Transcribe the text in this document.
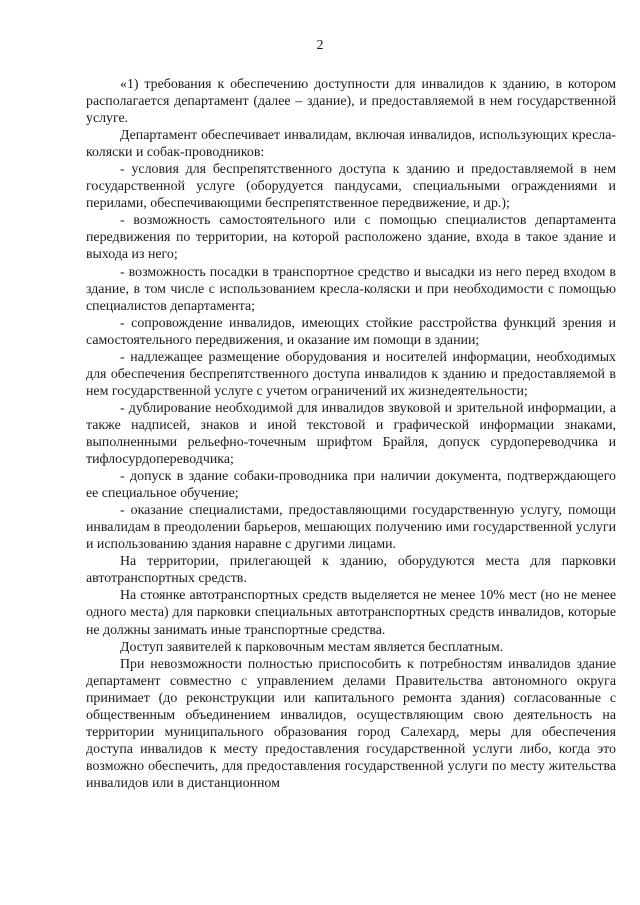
2

«1) требования к обеспечению доступности для инвалидов к зданию, в котором располагается департамент (далее – здание), и предоставляемой в нем государственной услуге.

Департамент обеспечивает инвалидам, включая инвалидов, использующих кресла-коляски и собак-проводников:

- условия для беспрепятственного доступа к зданию и предоставляемой в нем государственной услуге (оборудуется пандусами, специальными ограждениями и перилами, обеспечивающими беспрепятственное передвижение, и др.);

- возможность самостоятельного или с помощью специалистов департамента передвижения по территории, на которой расположено здание, входа в такое здание и выхода из него;

- возможность посадки в транспортное средство и высадки из него перед входом в здание, в том числе с использованием кресла-коляски и при необходимости с помощью специалистов департамента;

- сопровождение инвалидов, имеющих стойкие расстройства функций зрения и самостоятельного передвижения, и оказание им помощи в здании;

- надлежащее размещение оборудования и носителей информации, необходимых для обеспечения беспрепятственного доступа инвалидов к зданию и предоставляемой в нем государственной услуге с учетом ограничений их жизнедеятельности;

- дублирование необходимой для инвалидов звуковой и зрительной информации, а также надписей, знаков и иной текстовой и графической информации знаками, выполненными рельефно-точечным шрифтом Брайля, допуск сурдопереводчика и тифлосурдопереводчика;

- допуск в здание собаки-проводника при наличии документа, подтверждающего ее специальное обучение;

- оказание специалистами, предоставляющими государственную услугу, помощи инвалидам в преодолении барьеров, мешающих получению ими государственной услуги и использованию здания наравне с другими лицами.

На территории, прилегающей к зданию, оборудуются места для парковки автотранспортных средств.

На стоянке автотранспортных средств выделяется не менее 10% мест (но не менее одного места) для парковки специальных автотранспортных средств инвалидов, которые не должны занимать иные транспортные средства.

Доступ заявителей к парковочным местам является бесплатным.

При невозможности полностью приспособить к потребностям инвалидов здание департамент совместно с управлением делами Правительства автономного округа принимает (до реконструкции или капитального ремонта здания) согласованные с общественным объединением инвалидов, осуществляющим свою деятельность на территории муниципального образования город Салехард, меры для обеспечения доступа инвалидов к месту предоставления государственной услуги либо, когда это возможно обеспечить, для предоставления государственной услуги по месту жительства инвалидов или в дистанционном
